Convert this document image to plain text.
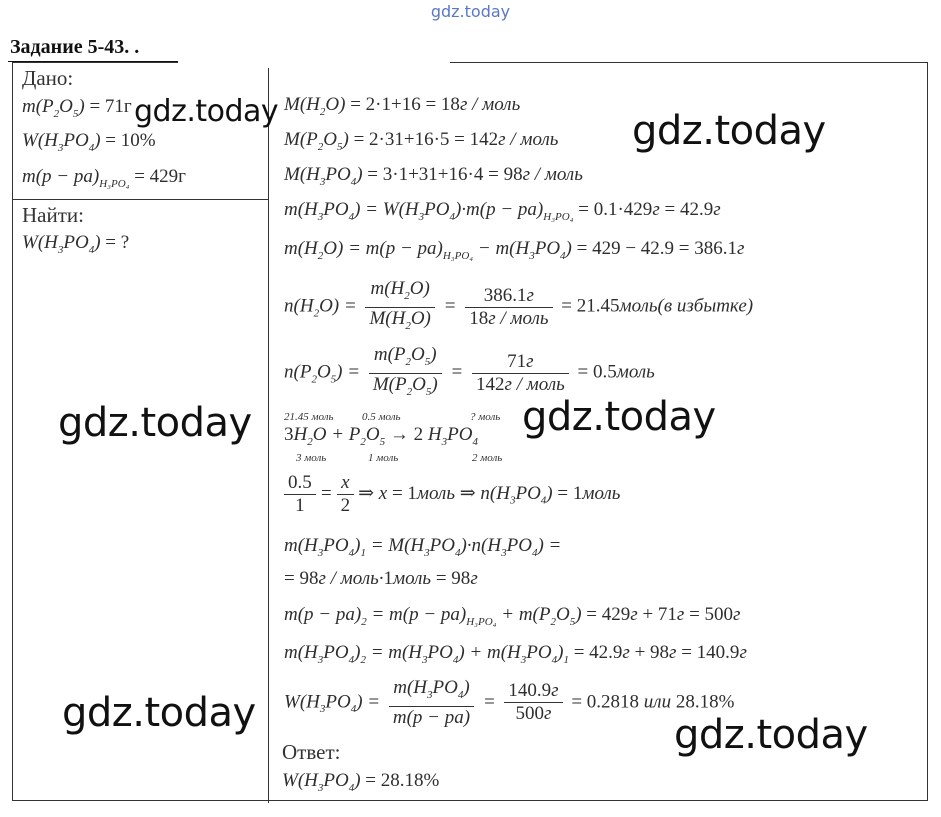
gdz.today
Задание 5-43. .
Дано:
$m(P_2O_5) = 71г$
$W(H_3PO_4) = 10\%$
$m(p - pa)_{H_3PO_4} = 429г$
Найти:
$W(H_3PO_4)$ = ?
$M(H_2O) = 2\cdot 1+16 = 18г$ / моль
$M(P_2O_5) = 2\cdot 31+16\cdot 5 = 142г$ / моль
$M(H_3PO_4) = 3\cdot 1+31+16\cdot 4 = 98г$ / моль
$m(H_3PO_4) = W(H_3PO_4)\cdot m(p - pa)_{H_3PO_4} = 0.1\cdot 429г = 42.9г$
$m(H_2O) = m(p - pa)_{H_3PO_4} - m(H_3PO_4) = 429 - 42.9 = 386.1г$
$n(H_2O) = \frac{m(H_2O)}{M(H_2O)} = \frac{386.1г}{\text{18г / моль}}$ = 21.45моль(в избытке)
$n(P_2O_5) = \frac{m(P_2O_5)}{M(P_2O_5)} = \frac{71г}{\text{142г / моль}}$ = 0.5моль
21.45 моль	0.5 моль	? моль
$3H_2O + P_2O_5 \to 2$ $H_3PO_4$
3 моль	1 моль	2 моль
$\frac{0.5}{1} = \frac{x}{2}$ ⇒ x = 1моль ⇒ $n(H_3PO_4)$ = 1моль
$m(H_3PO_4)_1 = M(H_3PO_4)\cdot n(H_3PO_4)$ =
= 98г / моль·1моль = 98г
$m(p - pa)_2 = m(p - pa)_{H_3PO_4} + m(P_2O_5) = 429г + 71г = 500г$
$m(H_3PO_4)_2 = m(H_3PO_4) + m(H_3PO_4)_1 = 42.9г + 98г = 140.9г$
$W(H_3PO_4) = \frac{m(H_3PO_4)}{m(p - pa)} = \frac{140.9г}{500г} = 0.2818$ или 28.18%
Ответ:
$W(H_3PO_4) = 28.18\%$
gdz.today	gdz.today
gdz.today	gdz.today
gdz.today	gdz.today
